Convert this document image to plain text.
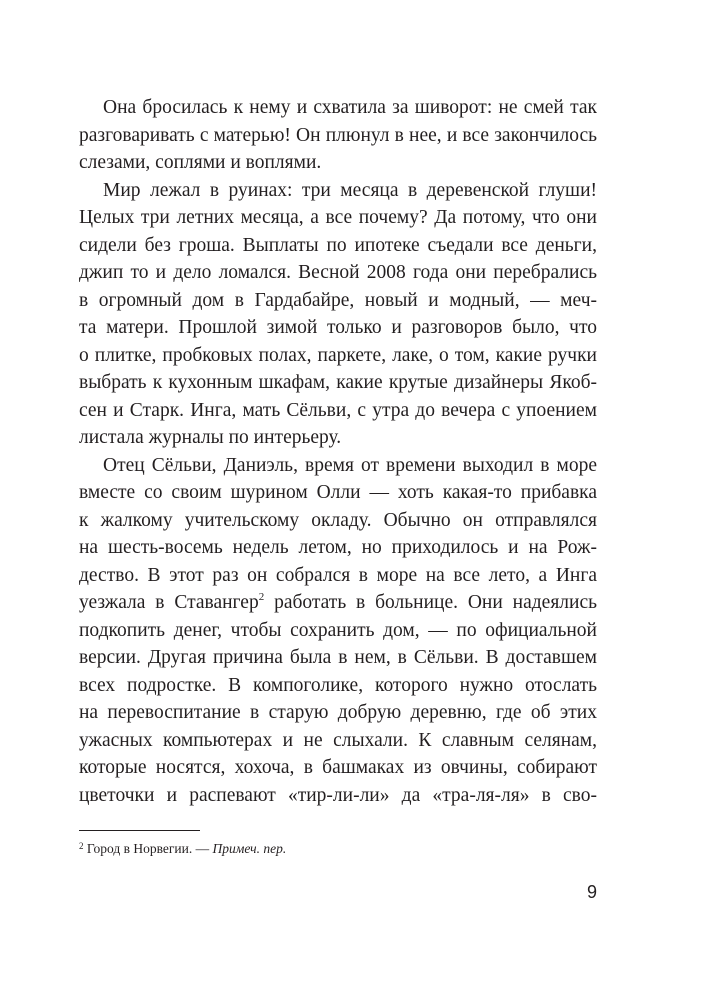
Она бросилась к нему и схватила за шиворот: не смей так
разговаривать с матерью! Он плюнул в нее, и все закончилось
слезами, соплями и воплями.
Мир лежал в руинах: три месяца в деревенской глуши!
Целых три летних месяца, а все почему? Да потому, что они
сидели без гроша. Выплаты по ипотеке съедали все деньги,
джип то и дело ломался. Весной 2008 года они перебрались
в огромный дом в Гардабайре, новый и модный, — меч-
та матери. Прошлой зимой только и разговоров было, что
о плитке, пробковых полах, паркете, лаке, о том, какие ручки
выбрать к кухонным шкафам, какие крутые дизайнеры Якоб-
сен и Старк. Инга, мать Сёльви, с утра до вечера с упоением
листала журналы по интерьеру.
Отец Сёльви, Даниэль, время от времени выходил в море
вместе со своим шурином Олли — хоть какая-то прибавка
к жалкому учительскому окладу. Обычно он отправлялся
на шесть-восемь недель летом, но приходилось и на Рож-
дество. В этот раз он собрался в море на все лето, а Инга
уезжала в Ставангер$^2$ работать в больнице. Они надеялись
подкопить денег, чтобы сохранить дом, — по официальной
версии. Другая причина была в нем, в Сёльви. В доставшем
всех подростке. В компоголике, которого нужно отослать
на перевоспитание в старую добрую деревню, где об этих
ужасных компьютерах и не слыхали. К славным селянам,
которые носятся, хохоча, в башмаках из овчины, собирают
цветочки и распевают «тир-ли-ли» да «тра-ля-ля» в сво-
$^2$ Город в Норвегии. — Примеч. пер.
9
